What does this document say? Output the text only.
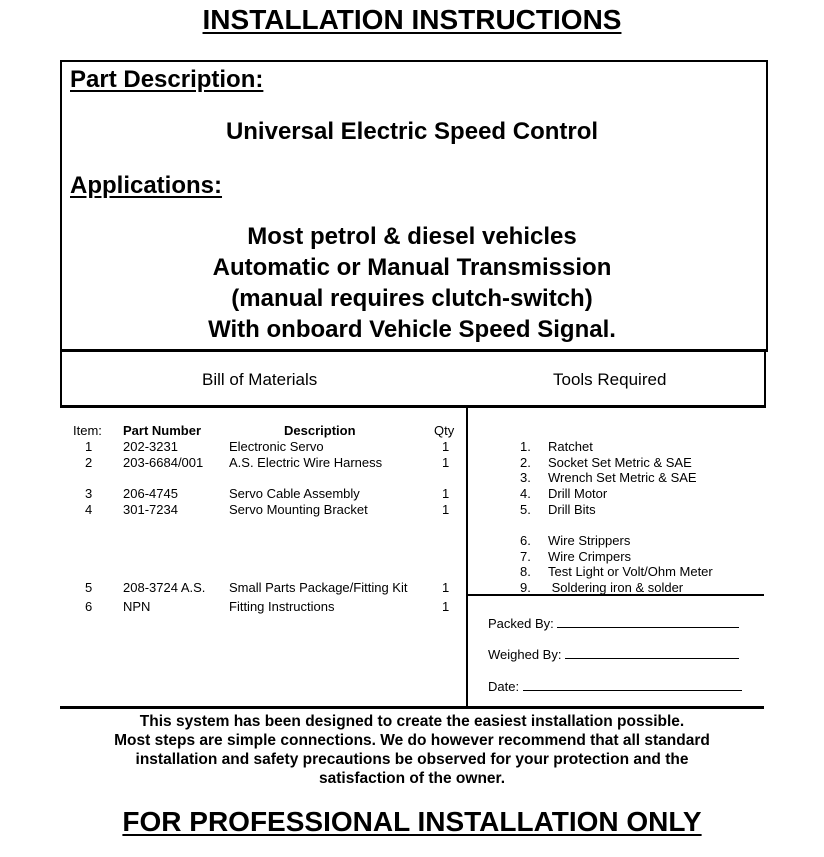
INSTALLATION INSTRUCTIONS
Part Description:
Universal Electric Speed Control
Applications:
Most petrol & diesel vehicles
Automatic or Manual Transmission
(manual requires clutch-switch)
With onboard Vehicle Speed Signal.
Bill of Materials	Tools Required
Item: Part Number	Description	Qty
1 202-3231	Electronic Servo	1
2 203-6684/001 A.S. Electric Wire Harness	1
3 206-4745	Servo Cable Assembly	1
4 301-7234	Servo Mounting Bracket	1
5 208-3724 A.S. Small Parts Package/Fitting Kit	1
6 NPN	Fitting Instructions	1
1. Ratchet
2. Socket Set Metric & SAE
3. Wrench Set Metric & SAE
4. Drill Motor
5. Drill Bits
6. Wire Strippers
7. Wire Crimpers
8. Test Light or Volt/Ohm Meter
9. Soldering iron & solder
Packed By:
Weighed By:
Date:
This system has been designed to create the easiest installation possible.
Most steps are simple connections. We do however recommend that all standard
installation and safety precautions be observed for your protection and the
satisfaction of the owner.
FOR PROFESSIONAL INSTALLATION ONLY
